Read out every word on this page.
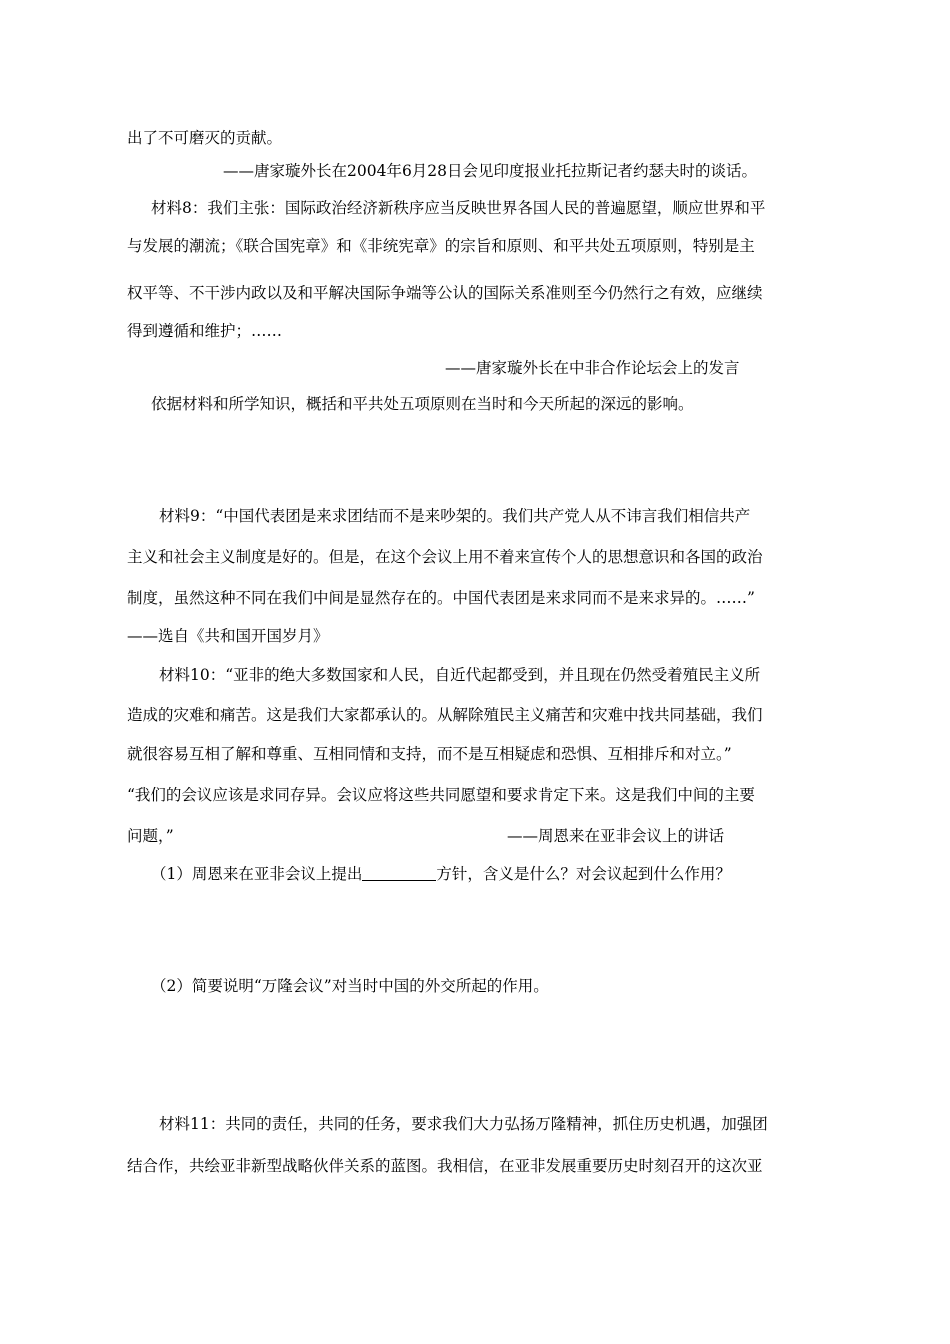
出了不可磨灭的贡献。
——唐家璇外长在2004年6月28日会见印度报业托拉斯记者约瑟夫时的谈话。
材料8：我们主张：国际政治经济新秩序应当反映世界各国人民的普遍愿望，顺应世界和平
与发展的潮流；《联合国宪章》和《非统宪章》的宗旨和原则、和平共处五项原则，特别是主
权平等、不干涉内政以及和平解决国际争端等公认的国际关系准则至今仍然行之有效，应继续
得到遵循和维护；……
——唐家璇外长在中非合作论坛会上的发言
依据材料和所学知识，概括和平共处五项原则在当时和今天所起的深远的影响。
材料9：“中国代表团是来求团结而不是来吵架的。我们共产党人从不讳言我们相信共产
主义和社会主义制度是好的。但是，在这个会议上用不着来宣传个人的思想意识和各国的政治
制度，虽然这种不同在我们中间是显然存在的。中国代表团是来求同而不是来求异的。……”
——选自《共和国开国岁月》
材料10：“亚非的绝大多数国家和人民，自近代起都受到，并且现在仍然受着殖民主义所
造成的灾难和痛苦。这是我们大家都承认的。从解除殖民主义痛苦和灾难中找共同基础，我们
就很容易互相了解和尊重、互相同情和支持，而不是互相疑虑和恐惧、互相排斥和对立。”
“我们的会议应该是求同存异。会议应将这些共同愿望和要求肯定下来。这是我们中间的主要
问题，”	——周恩来在亚非会议上的讲话
（1）周恩来在亚非会议上提出	方针，含义是什么？对会议起到什么作用？
（2）简要说明“万隆会议”对当时中国的外交所起的作用。
材料11：共同的责任，共同的任务，要求我们大力弘扬万隆精神，抓住历史机遇，加强团
结合作，共绘亚非新型战略伙伴关系的蓝图。我相信，在亚非发展重要历史时刻召开的这次亚
